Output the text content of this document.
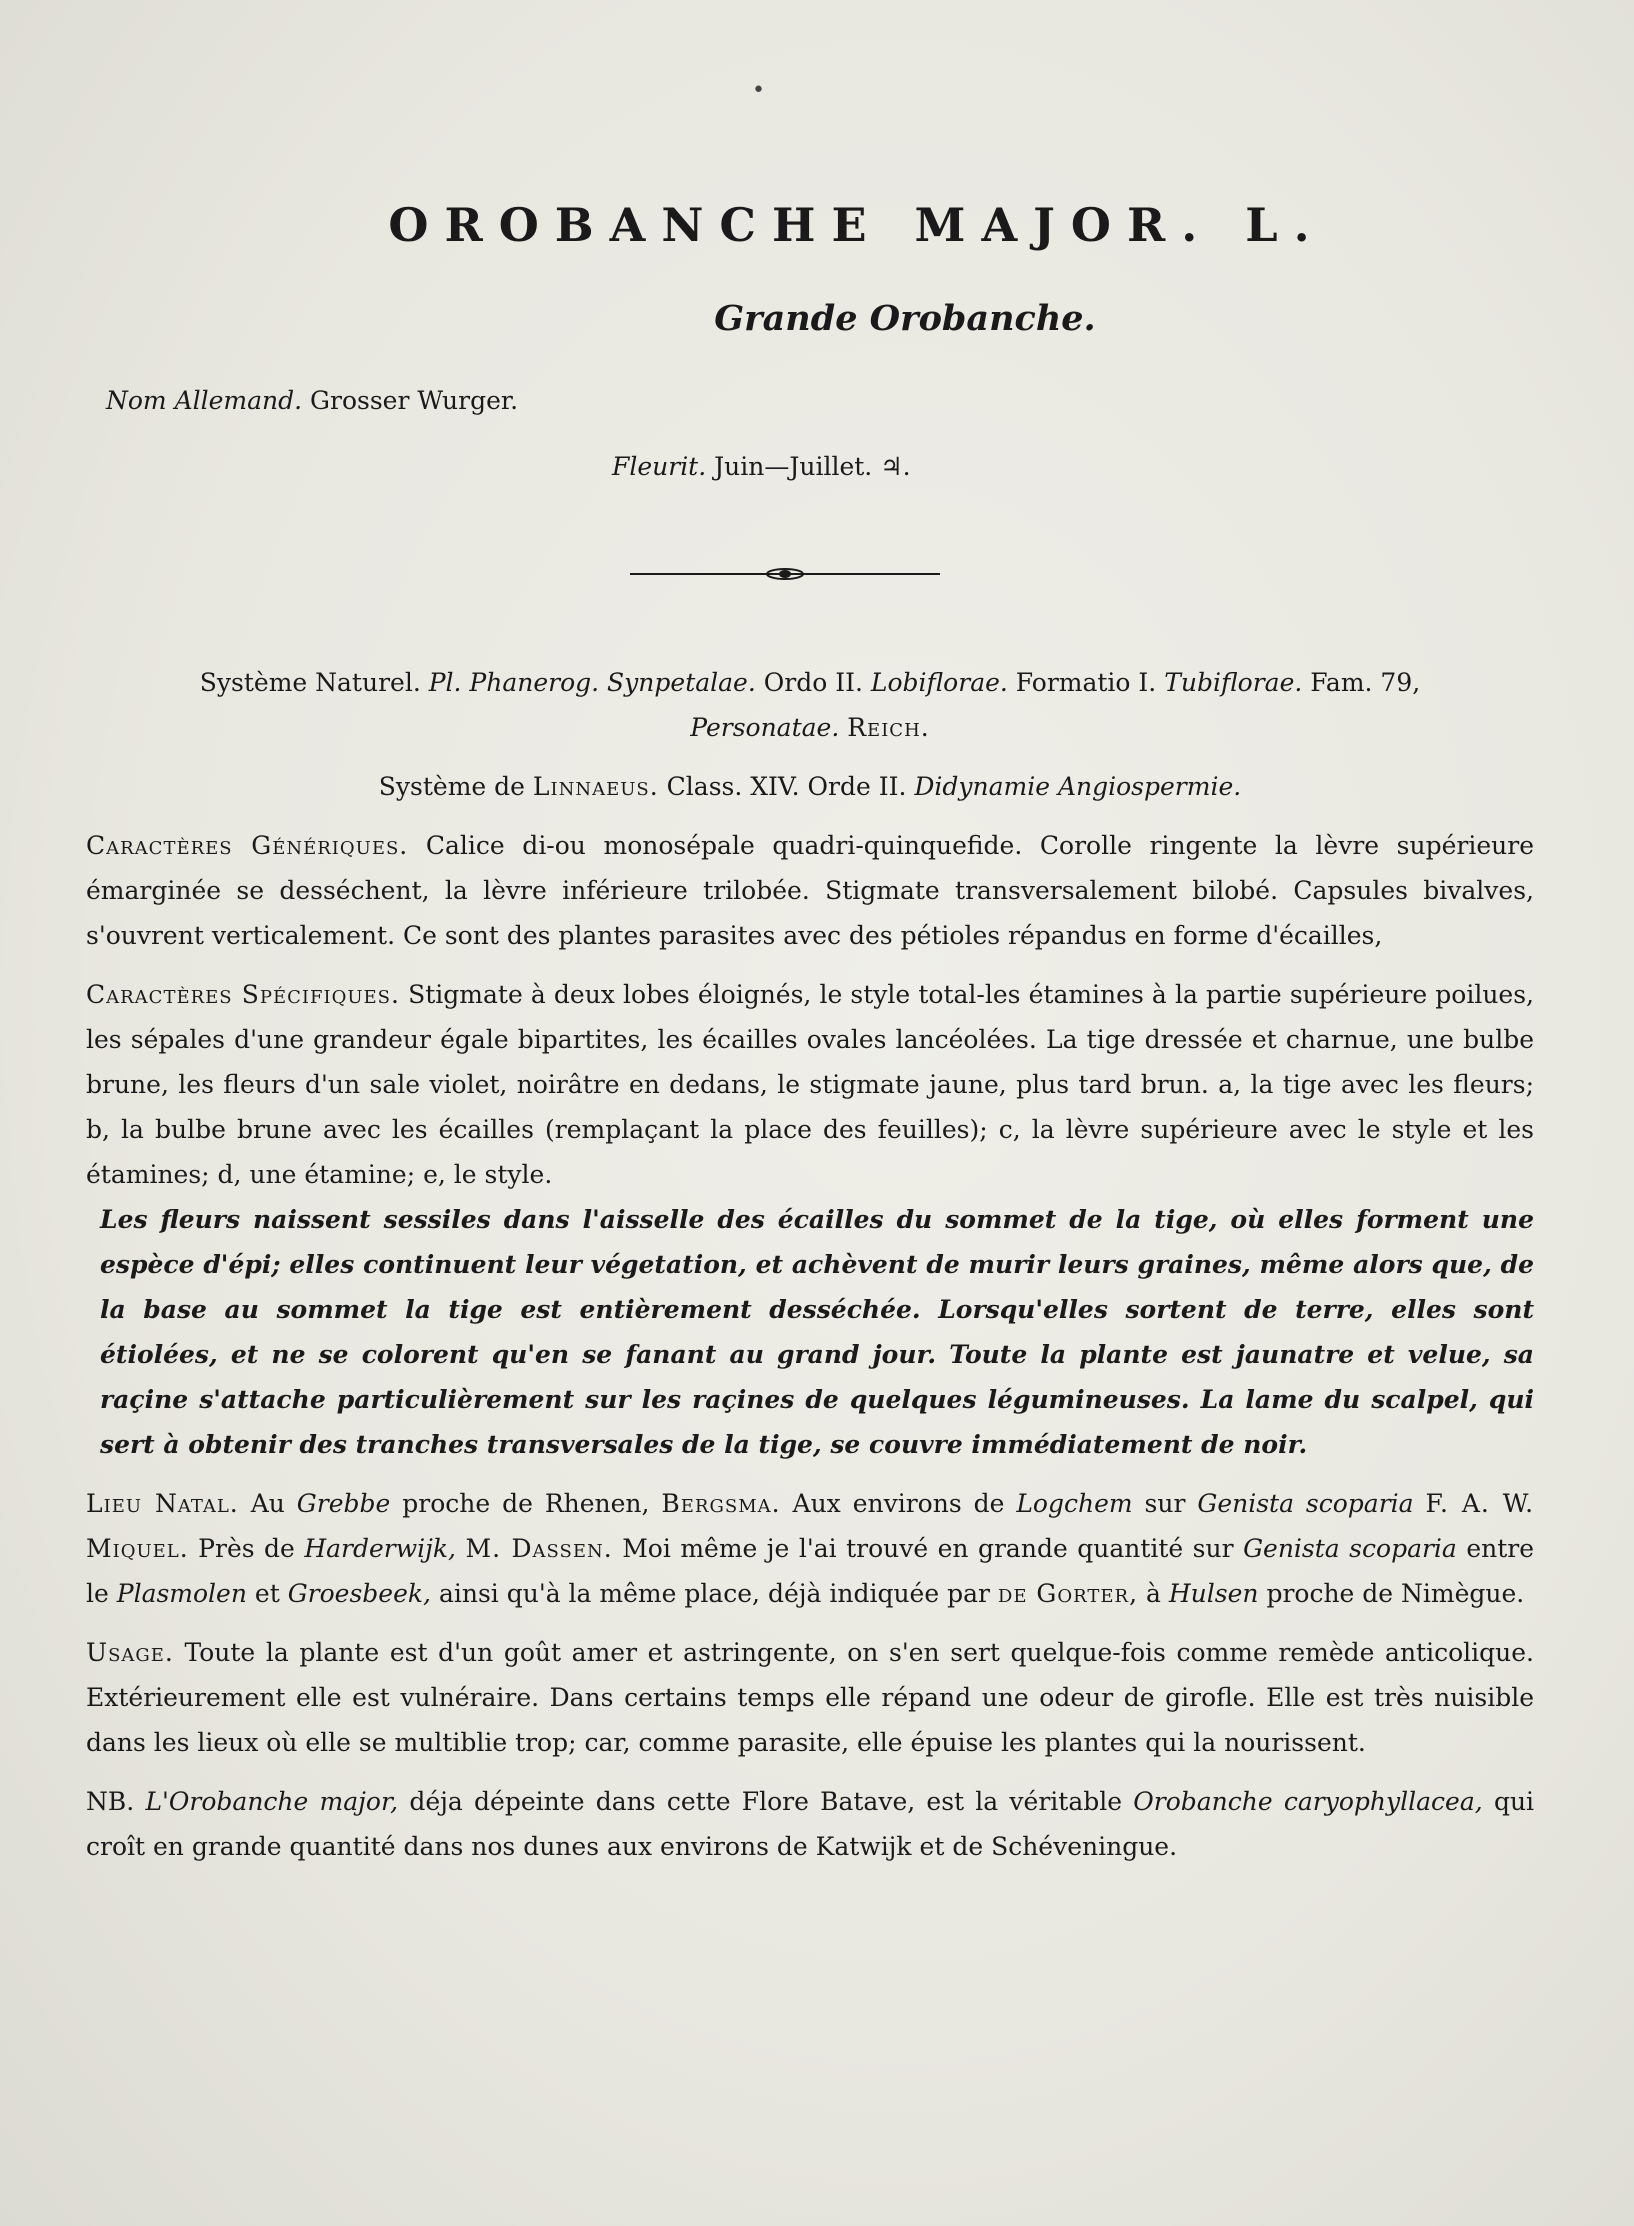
•
OROBANCHE MAJOR. L.
Grande Orobanche.
Nom Allemand. Grosser Wurger.
Fleurit. Juin—Juillet. ♃.

Système Naturel. Pl. Phanerog. Synpetalae. Ordo II. Lobiflorae. Formatio I. Tubiflorae. Fam. 79,
Personatae. Reich.

Système de Linnaeus. Class. XIV. Orde II. Didynamie Angiospermie.

Caractères Génériques. Calice di-ou monosépale quadri-quinquefide. Corolle ringente la lèvre supérieure émarginée se desséchent, la lèvre inférieure trilobée. Stigmate transversalement bilobé. Capsules bivalves, s'ouvrent verticalement. Ce sont des plantes parasites avec des pétioles répandus en forme d'écailles,

Caractères Spécifiques. Stigmate à deux lobes éloignés, le style total-les étamines à la partie supérieure poilues, les sépales d'une grandeur égale bipartites, les écailles ovales lancéolées. La tige dressée et charnue, une bulbe brune, les fleurs d'un sale violet, noirâtre en dedans, le stigmate jaune, plus tard brun. a, la tige avec les fleurs; b, la bulbe brune avec les écailles (remplaçant la place des feuilles); c, la lèvre supérieure avec le style et les étamines; d, une étamine; e, le style.

Les fleurs naissent sessiles dans l'aisselle des écailles du sommet de la tige, où elles forment une espèce d'épi; elles continuent leur végetation, et achèvent de murir leurs graines, même alors que, de la base au sommet la tige est entièrement desséchée. Lorsqu'elles sortent de terre, elles sont étiolées, et ne se colorent qu'en se fanant au grand jour. Toute la plante est jaunatre et velue, sa raçine s'attache particulièrement sur les raçines de quelques légumineuses. La lame du scalpel, qui sert à obtenir des tranches transversales de la tige, se couvre immédiatement de noir.

Lieu Natal. Au Grebbe proche de Rhenen, Bergsma. Aux environs de Logchem sur Genista scoparia F. A. W. Miquel. Près de Harderwijk, M. Dassen. Moi même je l'ai trouvé en grande quantité sur Genista scoparia entre le Plasmolen et Groesbeek, ainsi qu'à la même place, déjà indiquée par de Gorter, à Hulsen proche de Nimègue.

Usage. Toute la plante est d'un goût amer et astringente, on s'en sert quelque-fois comme remède anticolique. Extérieurement elle est vulnéraire. Dans certains temps elle répand une odeur de girofle. Elle est très nuisible dans les lieux où elle se multiblie trop; car, comme parasite, elle épuise les plantes qui la nourissent.

NB. L'Orobanche major, déja dépeinte dans cette Flore Batave, est la véritable Orobanche caryophyllacea, qui croît en grande quantité dans nos dunes aux environs de Katwijk et de Schéveningue.
